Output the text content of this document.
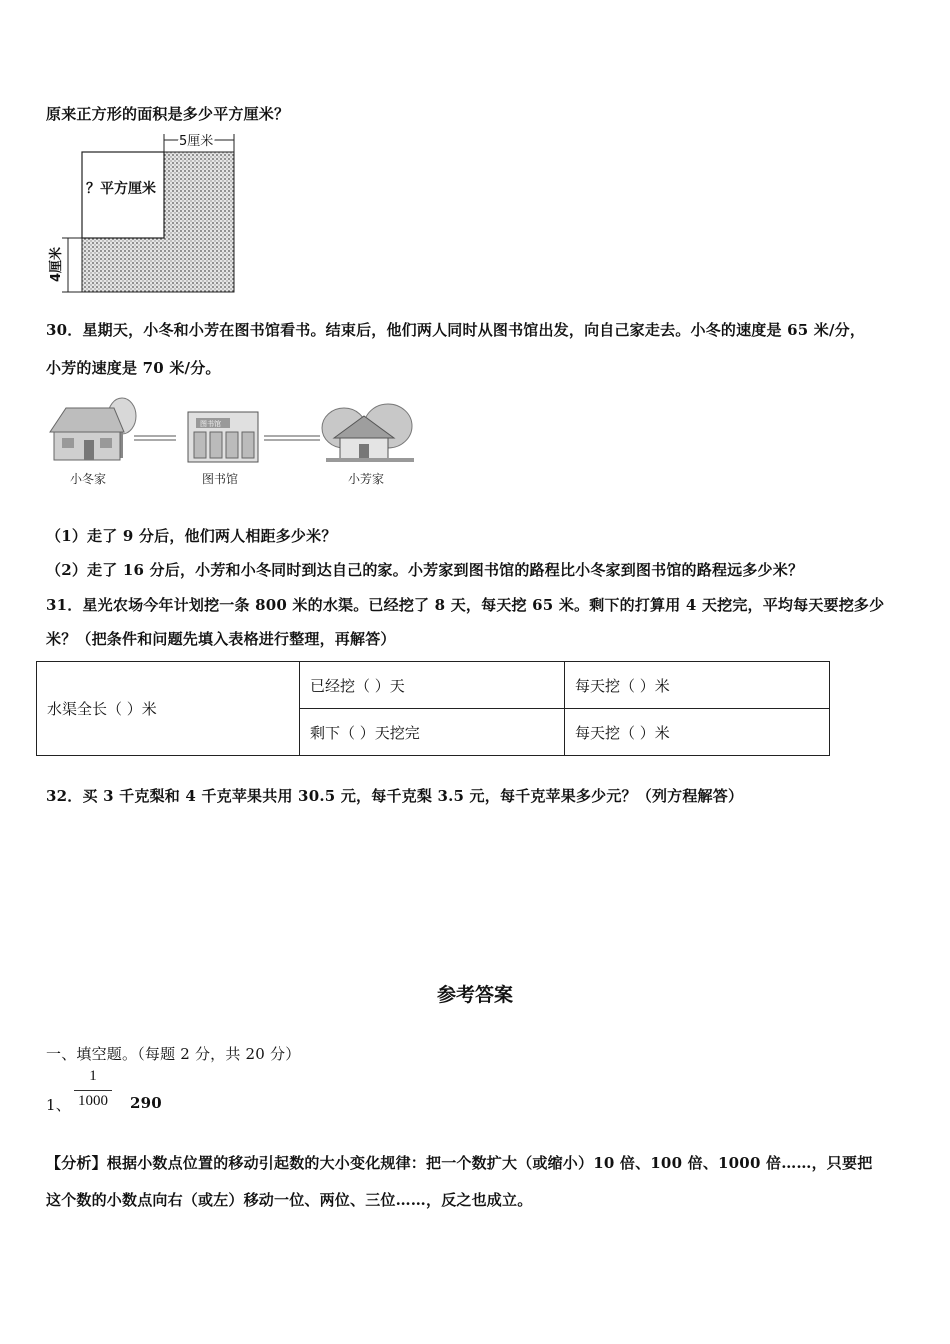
原来正方形的面积是多少平方厘米？
5厘米
？平方厘米
4厘米
30．星期天，小冬和小芳在图书馆看书。结束后，他们两人同时从图书馆出发，向自己家走去。小冬的速度是 65 米/分，
小芳的速度是 70 米/分。
图书馆
小冬家	图书馆	小芳家
（1）走了 9 分后，他们两人相距多少米？
（2）走了 16 分后，小芳和小冬同时到达自己的家。小芳家到图书馆的路程比小冬家到图书馆的路程远多少米？
31．星光农场今年计划挖一条 800 米的水渠。已经挖了 8 天，每天挖 65 米。剩下的打算用 4 天挖完，平均每天要挖多少
米？（把条件和问题先填入表格进行整理，再解答）
水渠全长（ ）米	已经挖（ ）天	每天挖（ ）米
	剩下（ ）天挖完	每天挖（ ）米
32．买 3 千克梨和 4 千克苹果共用 30.5 元，每千克梨 3.5 元，每千克苹果多少元？（列方程解答）
参考答案
一、填空题。（每题 2 分，共 20 分）
1
1000
1、	290
【分析】根据小数点位置的移动引起数的大小变化规律：把一个数扩大（或缩小）10 倍、100 倍、1000 倍……，只要把
这个数的小数点向右（或左）移动一位、两位、三位……，反之也成立。
